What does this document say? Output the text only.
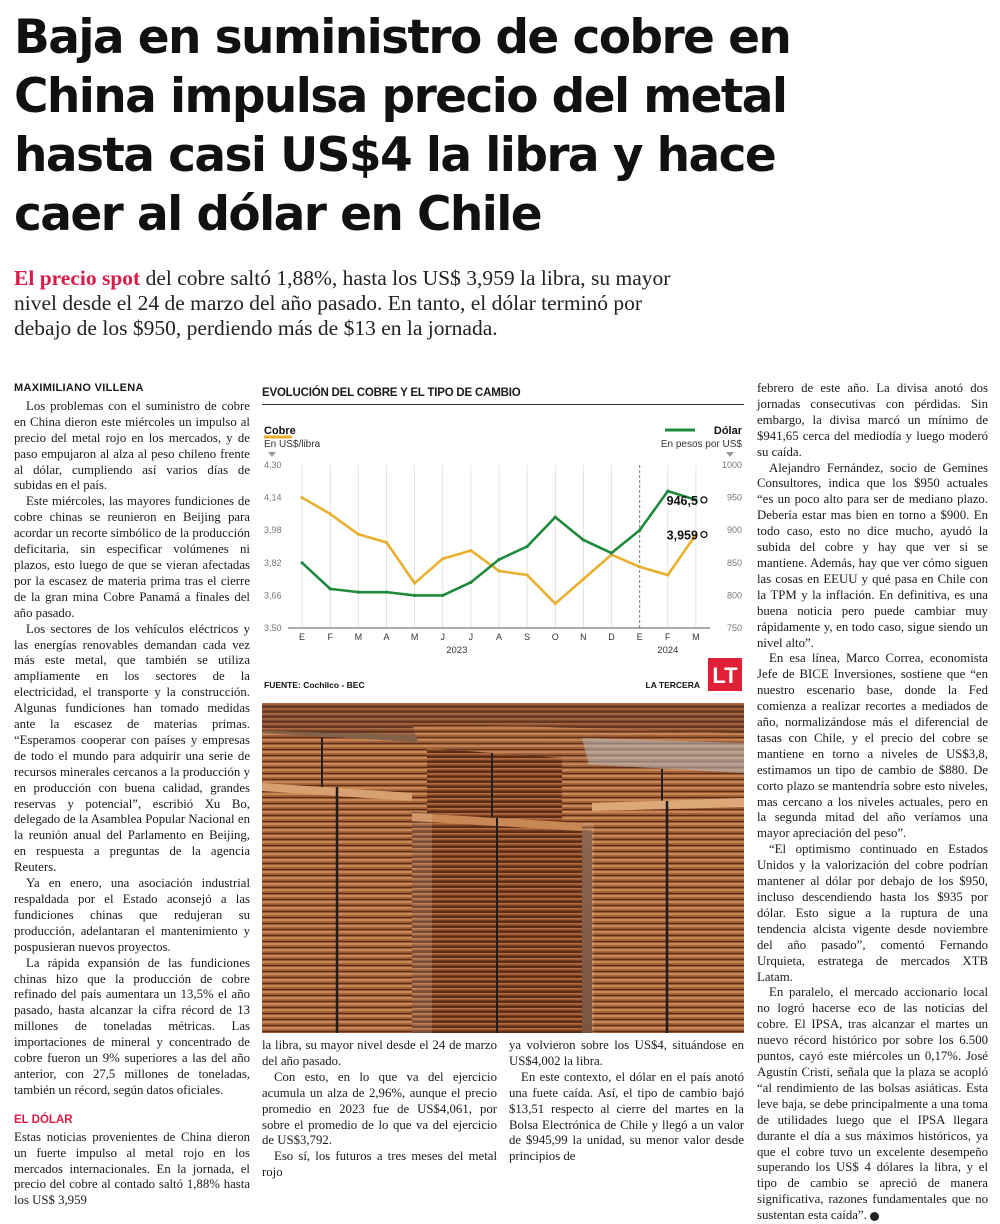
Baja en suministro de cobre en
China impulsa precio del metal
hasta casi US$4 la libra y hace
caer al dólar en Chile
El precio spot del cobre saltó 1,88%, hasta los US$ 3,959 la libra, su mayor
nivel desde el 24 de marzo del año pasado. En tanto, el dólar terminó por
debajo de los $950, perdiendo más de $13 en la jornada.
MAXIMILIANO VILLENA

Los problemas con el suministro de cobre en China dieron este miércoles un impulso al precio del metal rojo en los mercados, y de paso empujaron al alza al peso chileno frente al dólar, cumpliendo así varios días de subidas en el país.

Este miércoles, las mayores fundiciones de cobre chinas se reunieron en Beijing para acordar un recorte simbólico de la producción deficitaria, sin especificar volúmenes ni plazos, esto luego de que se vieran afectadas por la escasez de materia prima tras el cierre de la gran mina Cobre Panamá a finales del año pasado.

Los sectores de los vehículos eléctricos y las energías renovables demandan cada vez más este metal, que también se utiliza ampliamente en los sectores de la electricidad, el transporte y la construcción. Algunas fundiciones han tomado medidas ante la escasez de materias primas. “Esperamos cooperar con países y empresas de todo el mundo para adquirir una serie de recursos minerales cercanos a la producción y en producción con buena calidad, grandes reservas y potencial”, escribió Xu Bo, delegado de la Asamblea Popular Nacional en la reunión anual del Parlamento en Beijing, en respuesta a preguntas de la agencia Reuters.

Ya en enero, una asociación industrial respaldada por el Estado aconsejó a las fundiciones chinas que redujeran su producción, adelantaran el mantenimiento y pospusieran nuevos proyectos.

La rápida expansión de las fundiciones chinas hizo que la producción de cobre refinado del país aumentara un 13,5% el año pasado, hasta alcanzar la cifra récord de 13 millones de toneladas métricas. Las importaciones de mineral y concentrado de cobre fueron un 9% superiores a las del año anterior, con 27,5 millones de toneladas, también un récord, según datos oficiales.

EL DÓLAR

Estas noticias provenientes de China dieron un fuerte impulso al metal rojo en los mercados internacionales. En la jornada, el precio del cobre al contado saltó 1,88% hasta los US$ 3,959

EVOLUCIÓN DEL COBRE Y EL TIPO DE CAMBIO
Cobre
En US$/libra
Dólar
En pesos por US$
E F M A M J	J	A S O N D E F M
2023	2024
4,30
4,14
3,98
3,82
3,66
3,50
1000
950
900
850
800
750
3,959
946,5
FUENTE: Cochilco - BEC	LA TERCERA LT

la libra, su mayor nivel desde el 24 de marzo del año pasado.

Con esto, en lo que va del ejercicio acumula un alza de 2,96%, aunque el precio promedio en 2023 fue de US$4,061, por sobre el promedio de lo que va del ejercicio de US$3,792.

Eso sí, los futuros a tres meses del metal rojo

ya volvieron sobre los US$4, situándose en US$4,002 la libra.

En este contexto, el dólar en el país anotó una fuete caída. Así, el tipo de cambio bajó $13,51 respecto al cierre del martes en la Bolsa Electrónica de Chile y llegó a un valor de $945,99 la unidad, su menor valor desde principios de

febrero de este año. La divisa anotó dos jornadas consecutivas con pérdidas. Sin embargo, la divisa marcó un mínimo de $941,65 cerca del mediodía y luego moderó su caída.

Alejandro Fernández, socio de Gemines Consultores, indica que los $950 actuales “es un poco alto para ser de mediano plazo. Debería estar mas bien en torno a $900. En todo caso, esto no dice mucho, ayudó la subida del cobre y hay que ver si se mantiene. Además, hay que ver cómo siguen las cosas en EEUU y qué pasa en Chile con la TPM y la inflación. En definitiva, es una buena noticia pero puede cambiar muy rápidamente y, en todo caso, sigue siendo un nivel alto”.

En esa línea, Marco Correa, economista Jefe de BICE Inversiones, sostiene que “en nuestro escenario base, donde la Fed comienza a realizar recortes a mediados de año, normalizándose más el diferencial de tasas con Chile, y el precio del cobre se mantiene en torno a niveles de US$3,8, estimamos un tipo de cambio de $880. De corto plazo se mantendría sobre esto niveles, mas cercano a los niveles actuales, pero en la segunda mitad del año veríamos una mayor apreciación del peso”.

“El optimismo continuado en Estados Unidos y la valorización del cobre podrían mantener al dólar por debajo de los $950, incluso descendiendo hasta los $935 por dólar. Esto sigue a la ruptura de una tendencia alcista vigente desde noviembre del año pasado”, comentó Fernando Urquieta, estratega de mercados XTB Latam.

En paralelo, el mercado accionario local no logró hacerse eco de las noticias del cobre. El IPSA, tras alcanzar el martes un nuevo récord histórico por sobre los 6.500 puntos, cayó este miércoles un 0,17%. José Agustín Cristi, señala que la plaza se acopló “al rendimiento de las bolsas asiáticas. Esta leve baja, se debe principalmente a una toma de utilidades luego que el IPSA llegara durante el día a sus máximos históricos, ya que el cobre tuvo un excelente desempeño superando los US$ 4 dólares la libra, y el tipo de cambio se apreció de manera significativa, razones fundamentales que no sustentan esta caída”. P
